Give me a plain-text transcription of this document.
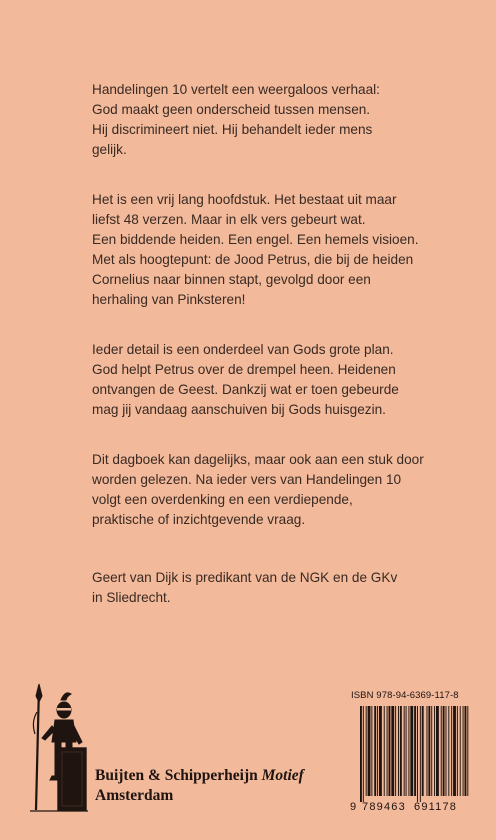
Handelingen 10 vertelt een weergaloos verhaal:
God maakt geen onderscheid tussen mensen.
Hij discrimineert niet. Hij behandelt ieder mens
gelijk.
Het is een vrij lang hoofdstuk. Het bestaat uit maar
liefst 48 verzen. Maar in elk vers gebeurt wat.
Een biddende heiden. Een engel. Een hemels visioen.
Met als hoogtepunt: de Jood Petrus, die bij de heiden
Cornelius naar binnen stapt, gevolgd door een
herhaling van Pinksteren!
Ieder detail is een onderdeel van Gods grote plan.
God helpt Petrus over de drempel heen. Heidenen
ontvangen de Geest. Dankzij wat er toen gebeurde
mag jij vandaag aanschuiven bij Gods huisgezin.
Dit dagboek kan dagelijks, maar ook aan een stuk door
worden gelezen. Na ieder vers van Handelingen 10
volgt een overdenking en een verdiepende,
praktische of inzichtgevende vraag.
Geert van Dijk is predikant van de NGK en de GKv
in Sliedrecht.
Buijten & Schipperheijn Motief
Amsterdam
ISBN 978-94-6369-117-8
9 789463 691178
